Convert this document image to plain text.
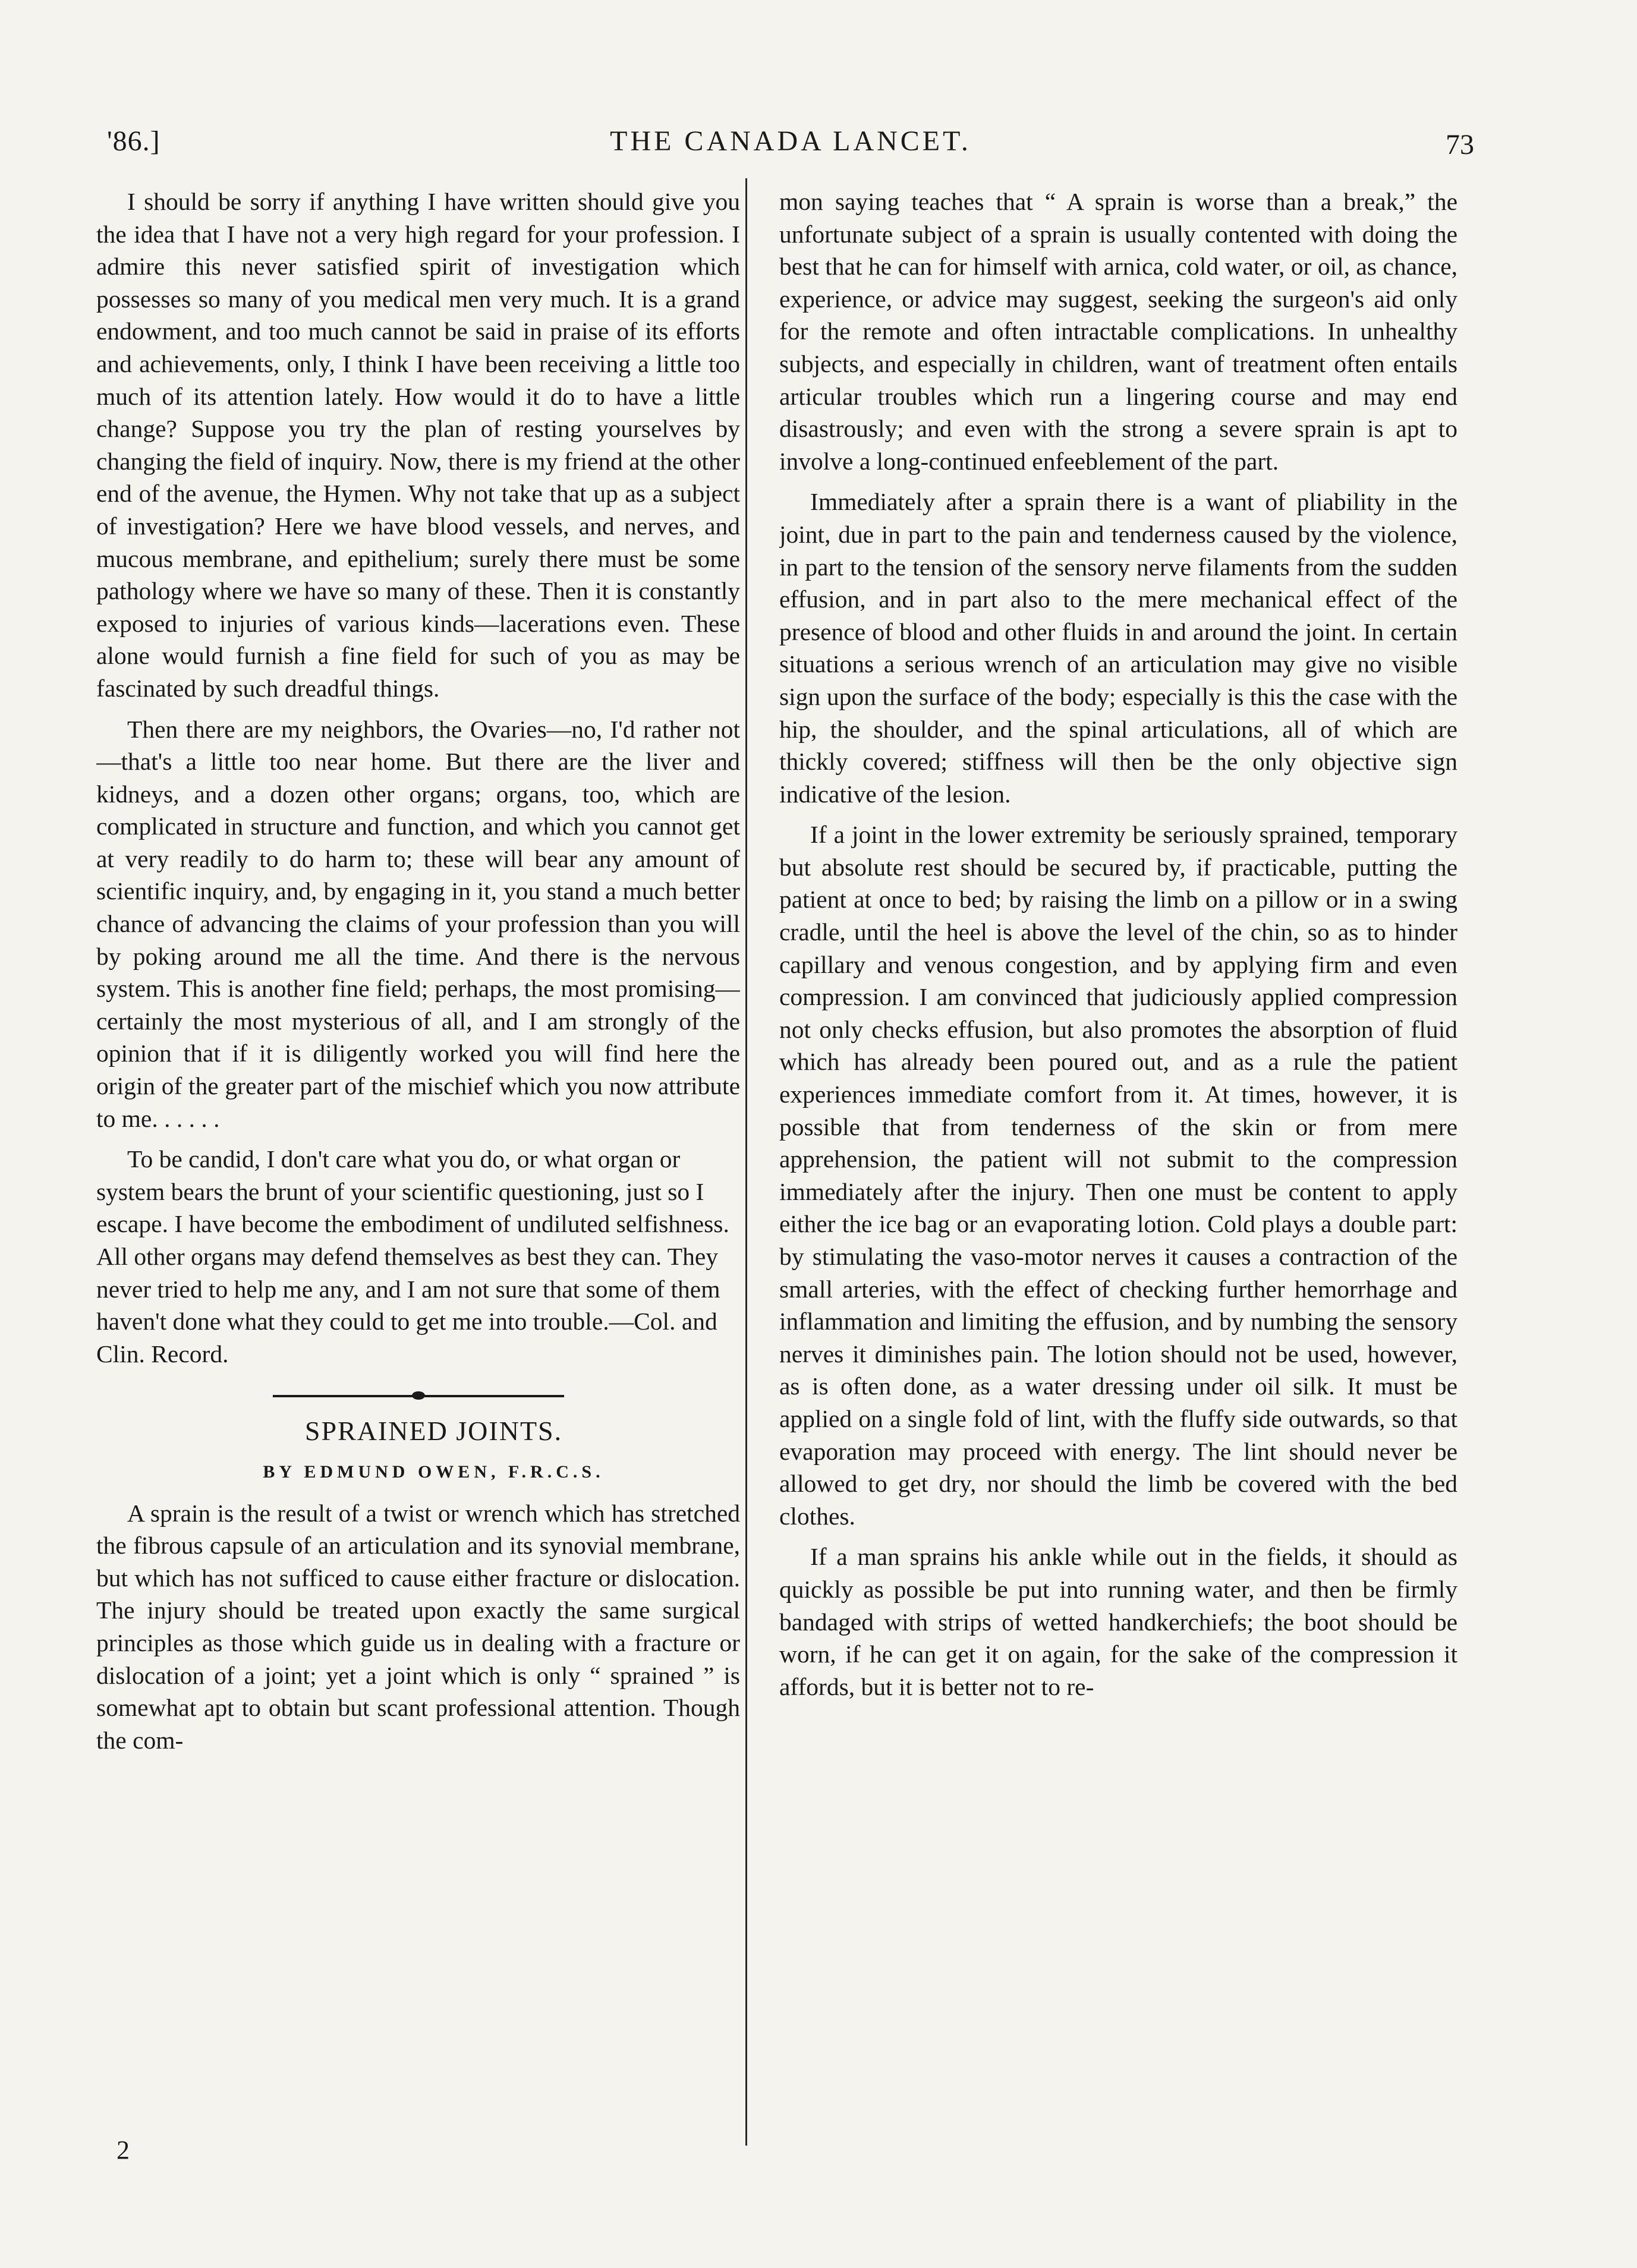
'86.]	THE CANADA LANCET.	73

I should be sorry if anything I have written should give you the idea that I have not a very high regard for your profession. I admire this never satisfied spirit of investigation which possesses so many of you medical men very much. It is a grand endowment, and too much cannot be said in praise of its efforts and achievements, only, I think I have been receiving a little too much of its attention lately. How would it do to have a little change? Suppose you try the plan of resting yourselves by changing the field of inquiry. Now, there is my friend at the other end of the avenue, the Hymen. Why not take that up as a subject of investigation? Here we have blood vessels, and nerves, and mucous membrane, and epithelium; surely there must be some pathology where we have so many of these. Then it is constantly exposed to injuries of various kinds—lacerations even. These alone would furnish a fine field for such of you as may be fascinated by such dreadful things.

Then there are my neighbors, the Ovaries—no, I'd rather not—that's a little too near home. But there are the liver and kidneys, and a dozen other organs; organs, too, which are complicated in structure and function, and which you cannot get at very readily to do harm to; these will bear any amount of scientific inquiry, and, by engaging in it, you stand a much better chance of advancing the claims of your profession than you will by poking around me all the time. And there is the nervous system. This is another fine field; perhaps, the most promising—certainly the most mysterious of all, and I am strongly of the opinion that if it is diligently worked you will find here the origin of the greater part of the mischief which you now attribute to me. . . . . .

To be candid, I don't care what you do, or what organ or system bears the brunt of your scientific questioning, just so I escape. I have become the embodiment of undiluted selfishness. All other organs may defend themselves as best they can. They never tried to help me any, and I am not sure that some of them haven't done what they could to get me into trouble.—Col. and Clin. Record.

SPRAINED JOINTS.

BY EDMUND OWEN, F.R.C.S.

A sprain is the result of a twist or wrench which has stretched the fibrous capsule of an articulation and its synovial membrane, but which has not sufficed to cause either fracture or dislocation. The injury should be treated upon exactly the same surgical principles as those which guide us in dealing with a fracture or dislocation of a joint; yet a joint which is only “ sprained ” is somewhat apt to obtain but scant professional attention. Though the com-

mon saying teaches that “ A sprain is worse than a break,” the unfortunate subject of a sprain is usually contented with doing the best that he can for himself with arnica, cold water, or oil, as chance, experience, or advice may suggest, seeking the surgeon's aid only for the remote and often intractable complications. In unhealthy subjects, and especially in children, want of treatment often entails articular troubles which run a lingering course and may end disastrously; and even with the strong a severe sprain is apt to involve a long-continued enfeeblement of the part.

Immediately after a sprain there is a want of pliability in the joint, due in part to the pain and tenderness caused by the violence, in part to the tension of the sensory nerve filaments from the sudden effusion, and in part also to the mere mechanical effect of the presence of blood and other fluids in and around the joint. In certain situations a serious wrench of an articulation may give no visible sign upon the surface of the body; especially is this the case with the hip, the shoulder, and the spinal articulations, all of which are thickly covered; stiffness will then be the only objective sign indicative of the lesion.

If a joint in the lower extremity be seriously sprained, temporary but absolute rest should be secured by, if practicable, putting the patient at once to bed; by raising the limb on a pillow or in a swing cradle, until the heel is above the level of the chin, so as to hinder capillary and venous congestion, and by applying firm and even compression. I am convinced that judiciously applied compression not only checks effusion, but also promotes the absorption of fluid which has already been poured out, and as a rule the patient experiences immediate comfort from it. At times, however, it is possible that from tenderness of the skin or from mere apprehension, the patient will not submit to the compression immediately after the injury. Then one must be content to apply either the ice bag or an evaporating lotion. Cold plays a double part: by stimulating the vaso-motor nerves it causes a contraction of the small arteries, with the effect of checking further hemorrhage and inflammation and limiting the effusion, and by numbing the sensory nerves it diminishes pain. The lotion should not be used, however, as is often done, as a water dressing under oil silk. It must be applied on a single fold of lint, with the fluffy side outwards, so that evaporation may proceed with energy. The lint should never be allowed to get dry, nor should the limb be covered with the bed clothes.

If a man sprains his ankle while out in the fields, it should as quickly as possible be put into running water, and then be firmly bandaged with strips of wetted handkerchiefs; the boot should be worn, if he can get it on again, for the sake of the compression it affords, but it is better not to re-

2
